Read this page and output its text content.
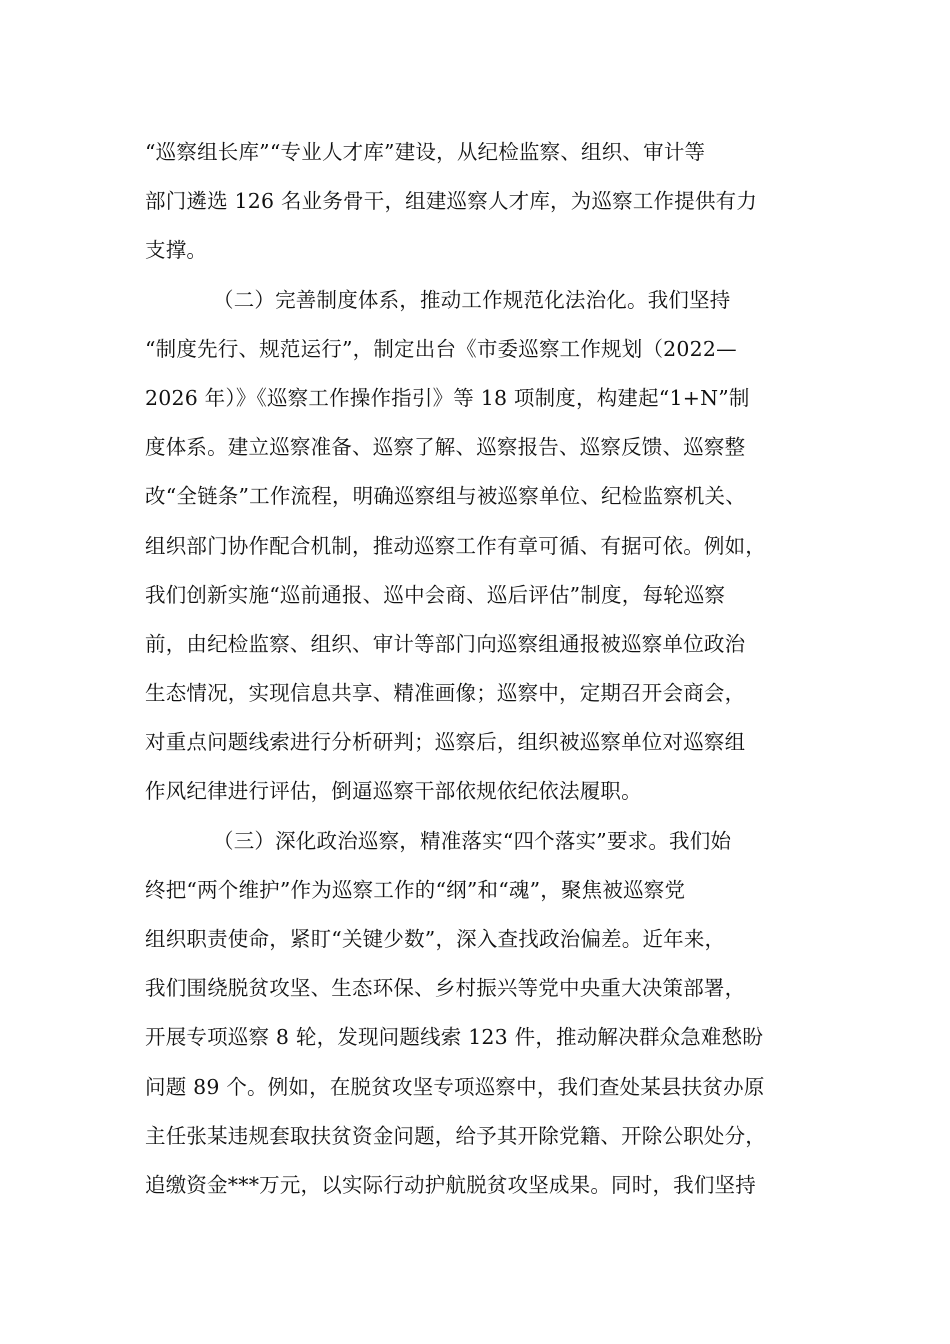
“巡察组长库”“专业人才库”建设，从纪检监察、组织、审计等
部门遴选 126 名业务骨干，组建巡察人才库，为巡察工作提供有力
支撑。
（二）完善制度体系，推动工作规范化法治化。我们坚持
“制度先行、规范运行”，制定出台《市委巡察工作规划（2022—
2026 年）》《巡察工作操作指引》等 18 项制度，构建起“1+N”制
度体系。建立巡察准备、巡察了解、巡察报告、巡察反馈、巡察整
改“全链条”工作流程，明确巡察组与被巡察单位、纪检监察机关、
组织部门协作配合机制，推动巡察工作有章可循、有据可依。例如，
我们创新实施“巡前通报、巡中会商、巡后评估”制度，每轮巡察
前，由纪检监察、组织、审计等部门向巡察组通报被巡察单位政治
生态情况，实现信息共享、精准画像；巡察中，定期召开会商会，
对重点问题线索进行分析研判；巡察后，组织被巡察单位对巡察组
作风纪律进行评估，倒逼巡察干部依规依纪依法履职。
（三）深化政治巡察，精准落实“四个落实”要求。我们始
终把“两个维护”作为巡察工作的“纲”和“魂”，聚焦被巡察党
组织职责使命，紧盯“关键少数”，深入查找政治偏差。近年来，
我们围绕脱贫攻坚、生态环保、乡村振兴等党中央重大决策部署，
开展专项巡察 8 轮，发现问题线索 123 件，推动解决群众急难愁盼
问题 89 个。例如，在脱贫攻坚专项巡察中，我们查处某县扶贫办原
主任张某违规套取扶贫资金问题，给予其开除党籍、开除公职处分，
追缴资金***万元，以实际行动护航脱贫攻坚成果。同时，我们坚持
